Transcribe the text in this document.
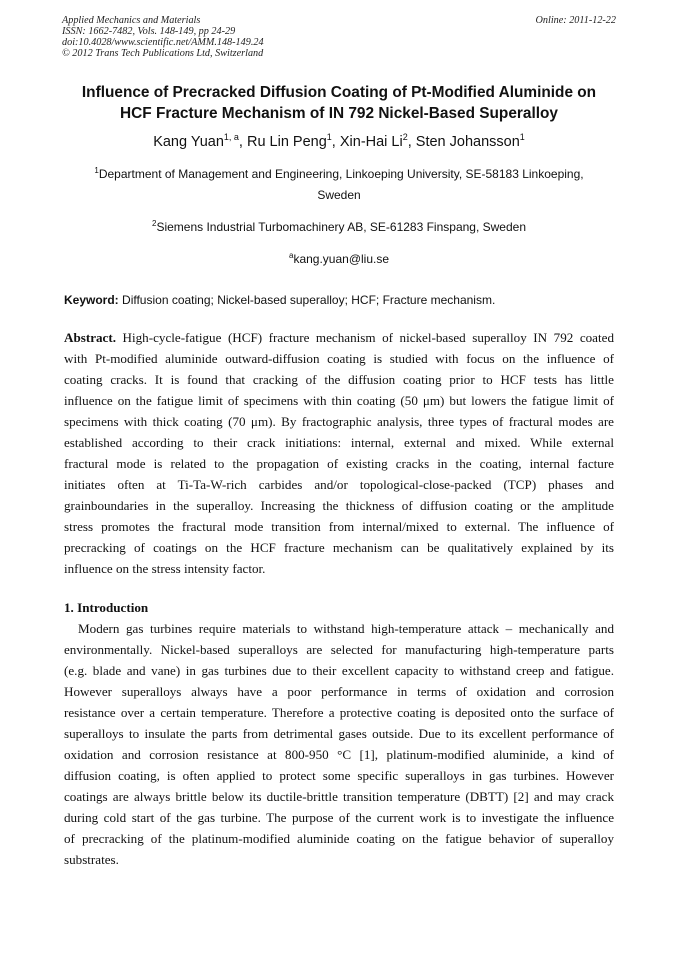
Applied Mechanics and Materials
ISSN: 1662-7482, Vols. 148-149, pp 24-29
doi:10.4028/www.scientific.net/AMM.148-149.24
© 2012 Trans Tech Publications Ltd, Switzerland
Online: 2011-12-22
Influence of Precracked Diffusion Coating of Pt-Modified Aluminide on
HCF Fracture Mechanism of IN 792 Nickel-Based Superalloy
Kang Yuan$^{1, a}$, Ru Lin Peng$^1$, Xin-Hai Li$^2$, Sten Johansson$^1$
$^1$Department of Management and Engineering, Linkoeping University, SE-58183 Linkoeping,
Sweden
$^2$Siemens Industrial Turbomachinery AB, SE-61283 Finspang, Sweden
$^a$kang.yuan@liu.se
Keyword: Diffusion coating; Nickel-based superalloy; HCF; Fracture mechanism.
Abstract. High-cycle-fatigue (HCF) fracture mechanism of nickel-based superalloy IN 792 coated
with Pt-modified aluminide outward-diffusion coating is studied with focus on the influence of
coating cracks. It is found that cracking of the diffusion coating prior to HCF tests has little
influence on the fatigue limit of specimens with thin coating (50 μm) but lowers the fatigue limit of
specimens with thick coating (70 μm). By fractographic analysis, three types of fractural modes are
established according to their crack initiations: internal, external and mixed. While external
fractural mode is related to the propagation of existing cracks in the coating, internal facture
initiates often at Ti-Ta-W-rich carbides and/or topological-close-packed (TCP) phases and
grainboundaries in the superalloy. Increasing the thickness of diffusion coating or the amplitude
stress promotes the fractural mode transition from internal/mixed to external. The influence of
precracking of coatings on the HCF fracture mechanism can be qualitatively explained by its
influence on the stress intensity factor.
1. Introduction
Modern gas turbines require materials to withstand high-temperature attack – mechanically and
environmentally. Nickel-based superalloys are selected for manufacturing high-temperature parts
(e.g. blade and vane) in gas turbines due to their excellent capacity to withstand creep and fatigue.
However superalloys always have a poor performance in terms of oxidation and corrosion
resistance over a certain temperature. Therefore a protective coating is deposited onto the surface of
superalloys to insulate the parts from detrimental gases outside. Due to its excellent performance of
oxidation and corrosion resistance at 800-950 °C [1], platinum-modified aluminide, a kind of
diffusion coating, is often applied to protect some specific superalloys in gas turbines. However
coatings are always brittle below its ductile-brittle transition temperature (DBTT) [2] and may crack
during cold start of the gas turbine. The purpose of the current work is to investigate the influence
of precracking of the platinum-modified aluminide coating on the fatigue behavior of superalloy
substrates.
